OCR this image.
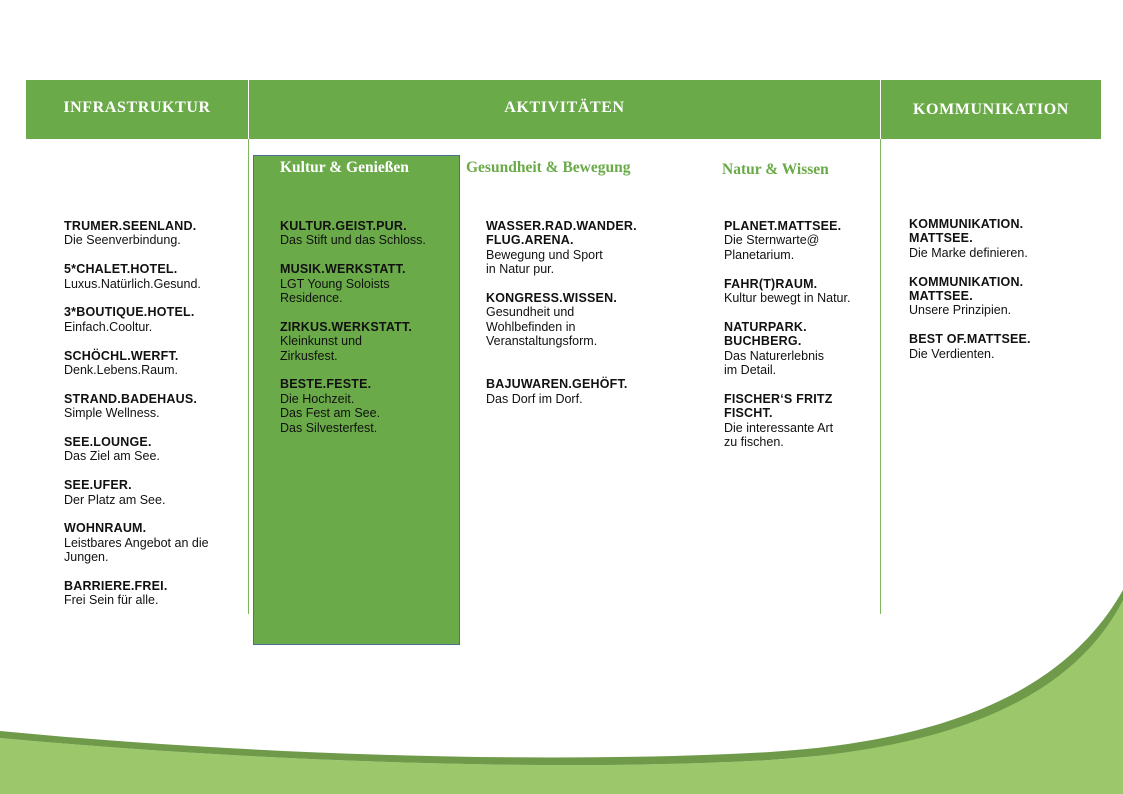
INFRASTRUKTUR	AKTIVITÄTEN	KOMMUNIKATION
Kultur & Genießen	Gesundheit & Bewegung	Natur & Wissen
TRUMER.SEENLAND.
Die Seenverbindung.
5*CHALET.HOTEL.
Luxus.Natürlich.Gesund.
3*BOUTIQUE.HOTEL.
Einfach.Cooltur.
SCHÖCHL.WERFT.
Denk.Lebens.Raum.
STRAND.BADEHAUS.
Simple Wellness.
SEE.LOUNGE.
Das Ziel am See.
SEE.UFER.
Der Platz am See.
WOHNRAUM.
Leistbares Angebot an die
Jungen.
BARRIERE.FREI.
Frei Sein für alle.
KULTUR.GEIST.PUR.
Das Stift und das Schloss.
MUSIK.WERKSTATT.
LGT Young Soloists
Residence.
ZIRKUS.WERKSTATT.
Kleinkunst und
Zirkusfest.
BESTE.FESTE.
Die Hochzeit.
Das Fest am See.
Das Silvesterfest.
WASSER.RAD.WANDER.
FLUG.ARENA.
Bewegung und Sport
in Natur pur.
KONGRESS.WISSEN.
Gesundheit und
Wohlbefinden in
Veranstaltungsform.
BAJUWAREN.GEHÖFT.
Das Dorf im Dorf.
PLANET.MATTSEE.
Die Sternwarte@
Planetarium.
FAHR(T)RAUM.
Kultur bewegt in Natur.
NATURPARK.
BUCHBERG.
Das Naturerlebnis
im Detail.
FISCHER‘S FRITZ
FISCHT.
Die interessante Art
zu fischen.
KOMMUNIKATION.
MATTSEE.
Die Marke definieren.
KOMMUNIKATION.
MATTSEE.
Unsere Prinzipien.
BEST OF.MATTSEE.
Die Verdienten.
